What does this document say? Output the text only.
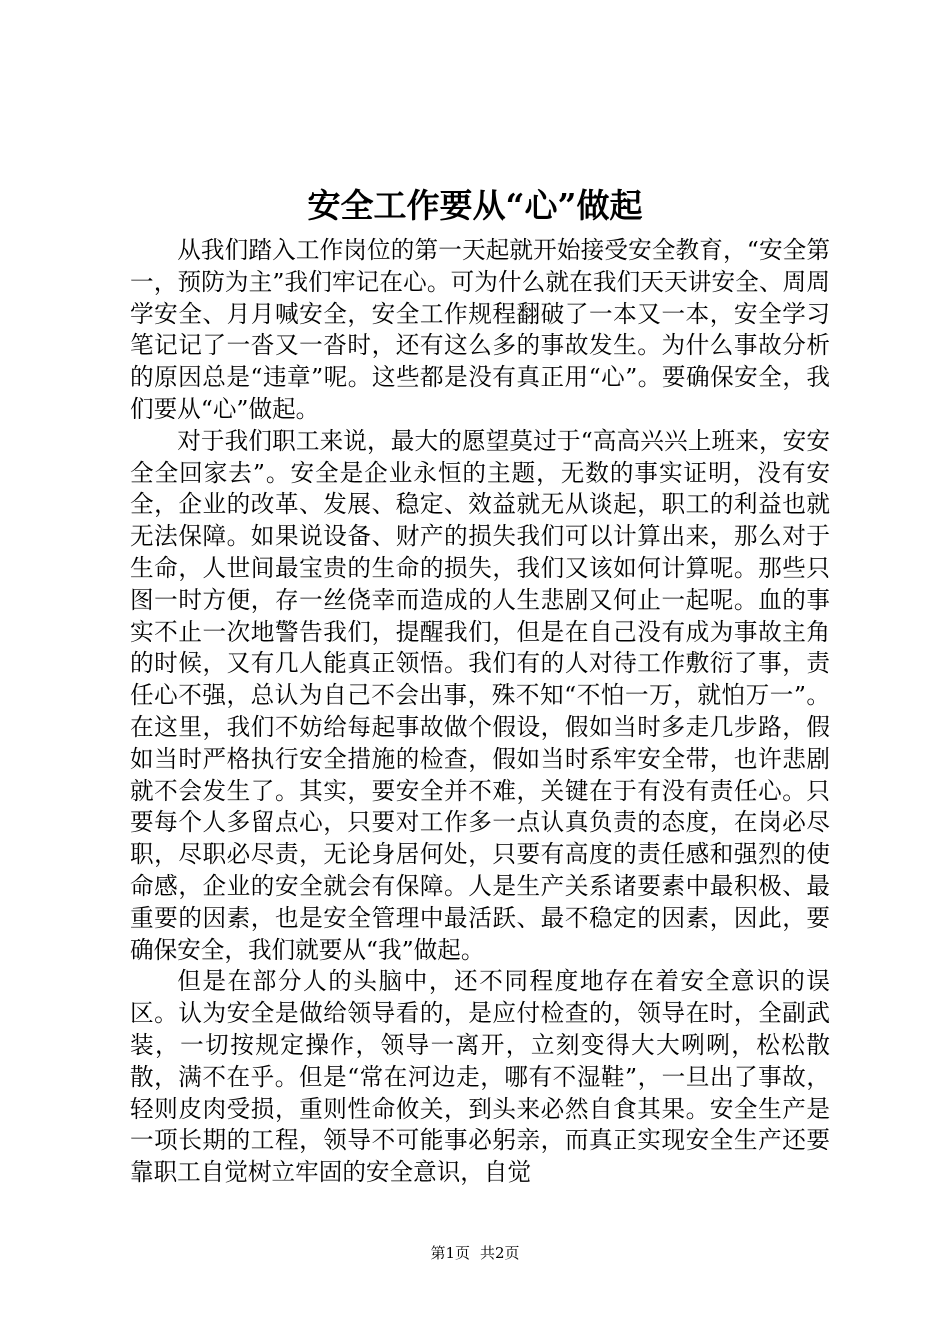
安全工作要从“心”做起

从我们踏入工作岗位的第一天起就开始接受安全教育，“安全第一，预防为主”我们牢记在心。可为什么就在我们天天讲安全、周周学安全、月月喊安全，安全工作规程翻破了一本又一本，安全学习笔记记了一沓又一沓时，还有这么多的事故发生。为什么事故分析的原因总是“违章”呢。这些都是没有真正用“心”。要确保安全，我们要从“心”做起。

对于我们职工来说，最大的愿望莫过于“高高兴兴上班来，安安全全回家去”。安全是企业永恒的主题，无数的事实证明，没有安全，企业的改革、发展、稳定、效益就无从谈起，职工的利益也就无法保障。如果说设备、财产的损失我们可以计算出来，那么对于生命，人世间最宝贵的生命的损失，我们又该如何计算呢。那些只图一时方便，存一丝侥幸而造成的人生悲剧又何止一起呢。血的事实不止一次地警告我们，提醒我们，但是在自己没有成为事故主角的时候，又有几人能真正领悟。我们有的人对待工作敷衍了事，责任心不强，总认为自己不会出事，殊不知“不怕一万，就怕万一”。在这里，我们不妨给每起事故做个假设，假如当时多走几步路，假如当时严格执行安全措施的检查，假如当时系牢安全带，也许悲剧就不会发生了。其实，要安全并不难，关键在于有没有责任心。只要每个人多留点心，只要对工作多一点认真负责的态度，在岗必尽职，尽职必尽责，无论身居何处，只要有高度的责任感和强烈的使命感，企业的安全就会有保障。人是生产关系诸要素中最积极、最重要的因素，也是安全管理中最活跃、最不稳定的因素，因此，要确保安全，我们就要从“我”做起。

但是在部分人的头脑中，还不同程度地存在着安全意识的误区。认为安全是做给领导看的，是应付检查的，领导在时，全副武装，一切按规定操作，领导一离开，立刻变得大大咧咧，松松散散，满不在乎。但是“常在河边走，哪有不湿鞋”，一旦出了事故，轻则皮肉受损，重则性命攸关，到头来必然自食其果。安全生产是一项长期的工程，领导不可能事必躬亲，而真正实现安全生产还要靠职工自觉树立牢固的安全意识，自觉

第1页 共2页
